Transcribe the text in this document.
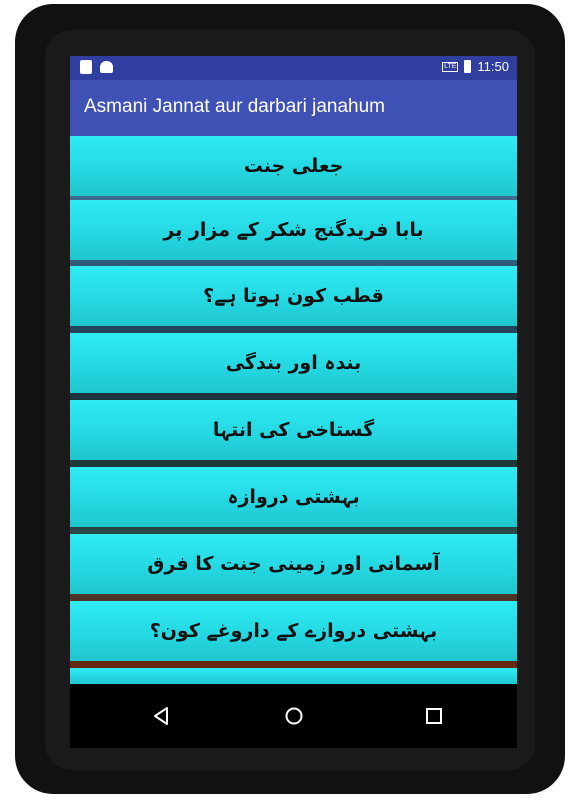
LTE 11:50
Asmani Jannat aur darbari janahum
جعلی جنت
بابا فریدگنج شکر کے مزار پر
قطب کون ہوتا ہے؟
بندہ اور بندگی
گستاخی کی انتہا
بہشتی دروازہ
آسمانی اور زمینی جنت کا فرق
بہشتی دروازے کے داروغے کون؟
